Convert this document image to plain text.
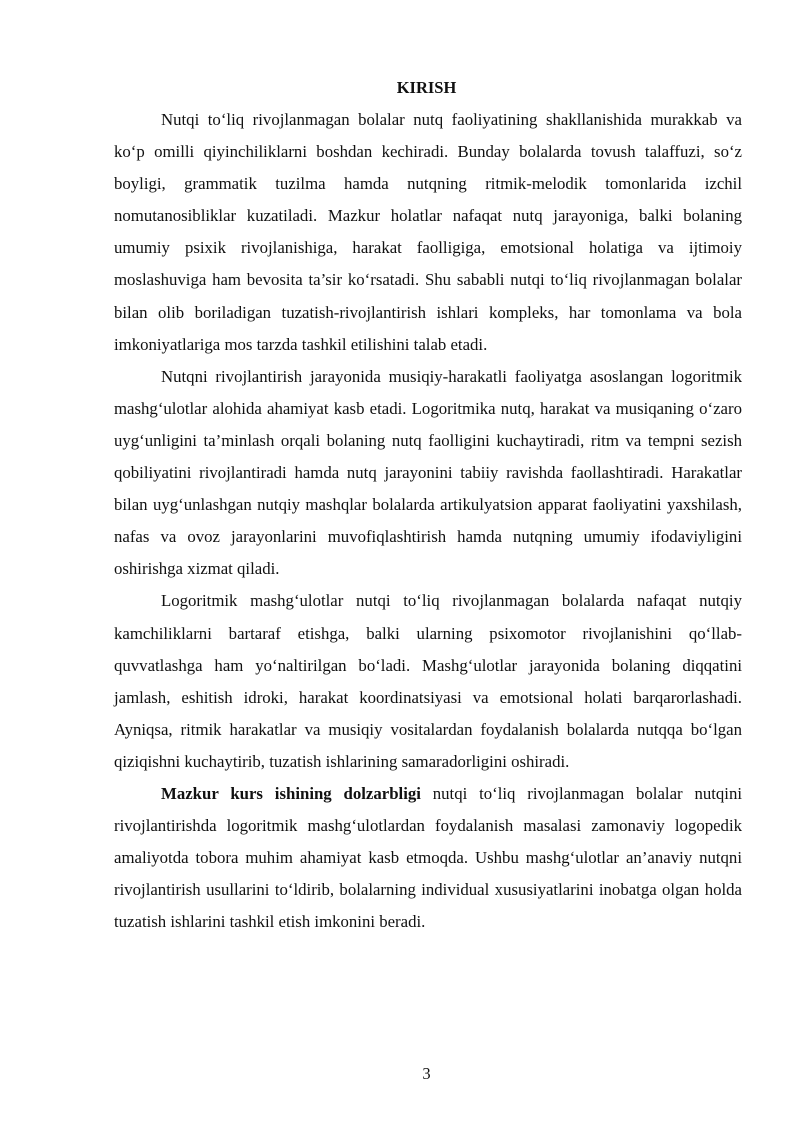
KIRISH

Nutqi to‘liq rivojlanmagan bolalar nutq faoliyatining shakllanishida murakkab va ko‘p omilli qiyinchiliklarni boshdan kechiradi. Bunday bolalarda tovush talaffuzi, so‘z boyligi, grammatik tuzilma hamda nutqning ritmik-melodik tomonlarida izchil nomutanosibliklar kuzatiladi. Mazkur holatlar nafaqat nutq jarayoniga, balki bolaning umumiy psixik rivojlanishiga, harakat faolligiga, emotsional holatiga va ijtimoiy moslashuviga ham bevosita ta’sir ko‘rsatadi. Shu sababli nutqi to‘liq rivojlanmagan bolalar bilan olib boriladigan tuzatish-rivojlantirish ishlari kompleks, har tomonlama va bola imkoniyatlariga mos tarzda tashkil etilishini talab etadi.

Nutqni rivojlantirish jarayonida musiqiy-harakatli faoliyatga asoslangan logoritmik mashg‘ulotlar alohida ahamiyat kasb etadi. Logoritmika nutq, harakat va musiqaning o‘zaro uyg‘unligini ta’minlash orqali bolaning nutq faolligini kuchaytiradi, ritm va tempni sezish qobiliyatini rivojlantiradi hamda nutq jarayonini tabiiy ravishda faollashtiradi. Harakatlar bilan uyg‘unlashgan nutqiy mashqlar bolalarda artikulyatsion apparat faoliyatini yaxshilash, nafas va ovoz jarayonlarini muvofiqlashtirish hamda nutqning umumiy ifodaviyligini oshirishga xizmat qiladi.

Logoritmik mashg‘ulotlar nutqi to‘liq rivojlanmagan bolalarda nafaqat nutqiy kamchiliklarni bartaraf etishga, balki ularning psixomotor rivojlanishini qo‘llab-quvvatlashga ham yo‘naltirilgan bo‘ladi. Mashg‘ulotlar jarayonida bolaning diqqatini jamlash, eshitish idroki, harakat koordinatsiyasi va emotsional holati barqarorlashadi. Ayniqsa, ritmik harakatlar va musiqiy vositalardan foydalanish bolalarda nutqqa bo‘lgan qiziqishni kuchaytirib, tuzatish ishlarining samaradorligini oshiradi.

Mazkur kurs ishining dolzarbligi nutqi to‘liq rivojlanmagan bolalar nutqini rivojlantirishda logoritmik mashg‘ulotlardan foydalanish masalasi zamonaviy logopedik amaliyotda tobora muhim ahamiyat kasb etmoqda. Ushbu mashg‘ulotlar an’anaviy nutqni rivojlantirish usullarini to‘ldirib, bolalarning individual xususiyatlarini inobatga olgan holda tuzatish ishlarini tashkil etish imkonini beradi.

3
